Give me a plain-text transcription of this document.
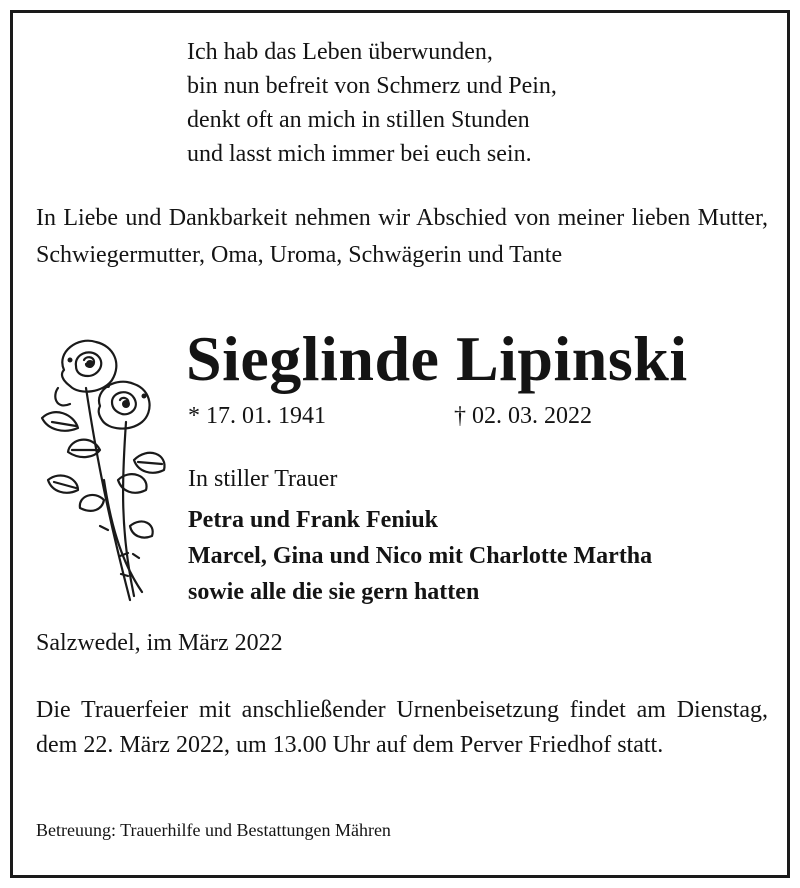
Ich hab das Leben überwunden,
bin nun befreit von Schmerz und Pein,
denkt oft an mich in stillen Stunden
und lasst mich immer bei euch sein.
In Liebe und Dankbarkeit nehmen wir Abschied von meiner lieben Mutter, Schwiegermutter, Oma, Uroma, Schwägerin und Tante
Sieglinde Lipinski
* 17. 01. 1941	† 02. 03. 2022
In stiller Trauer
Petra und Frank Feniuk
Marcel, Gina und Nico mit Charlotte Martha
sowie alle die sie gern hatten
Salzwedel, im März 2022
Die Trauerfeier mit anschließender Urnenbeisetzung findet am Dienstag, dem 22. März 2022, um 13.00 Uhr auf dem Perver Friedhof statt.
Betreuung: Trauerhilfe und Bestattungen Mähren
